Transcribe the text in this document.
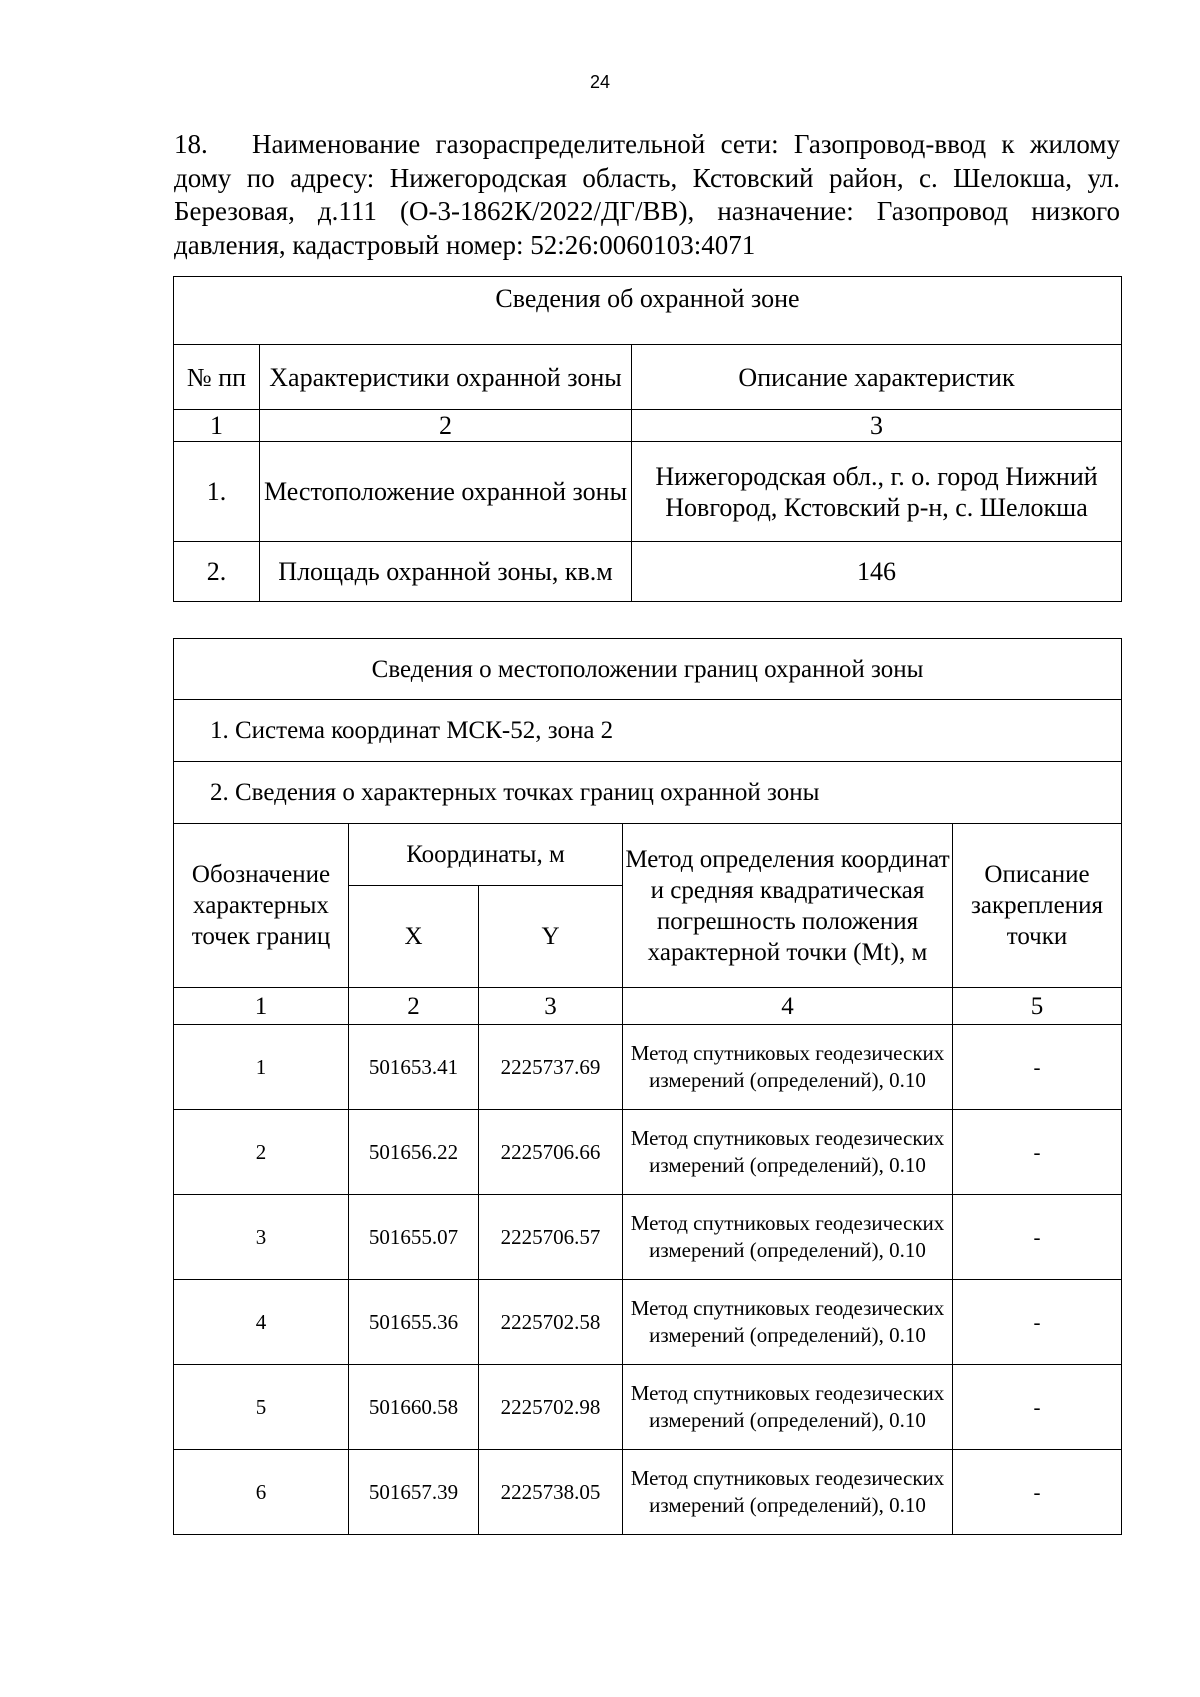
24

18. Наименование газораспределительной сети: Газопровод-ввод к жилому дому по адресу: Нижегородская область, Кстовский район, с. Шелокша, ул. Березовая, д.111 (О-3-1862К/2022/ДГ/ВВ), назначение: Газопровод низкого давления, кадастровый номер: 52:26:0060103:4071

Сведения об охранной зоне		
№ пп	Характеристики охранной зоны	Описание характеристик
1	2	3
1.	Местоположение охранной зоны	Нижегородская обл., г. о. город Нижний Новгород, Кстовский р-н, с. Шелокша
2.	Площадь охранной зоны, кв.м	146
Сведения о местоположении границ охранной зоны				
1. Система координат МСК-52, зона 2				
2. Сведения о характерных точках границ охранной зоны				
Обозначение характерных точек границ	Координаты, м		Метод определения координат и средняя квадратическая погрешность положения характерной точки (Mt), м	Описание закрепления точки
	X	Y		
1	2	3	4	5
1	501653.41	2225737.69	Метод спутниковых геодезических измерений (определений), 0.10	-
2	501656.22	2225706.66	Метод спутниковых геодезических измерений (определений), 0.10	-
3	501655.07	2225706.57	Метод спутниковых геодезических измерений (определений), 0.10	-
4	501655.36	2225702.58	Метод спутниковых геодезических измерений (определений), 0.10	-
5	501660.58	2225702.98	Метод спутниковых геодезических измерений (определений), 0.10	-
6	501657.39	2225738.05	Метод спутниковых геодезических измерений (определений), 0.10	-
